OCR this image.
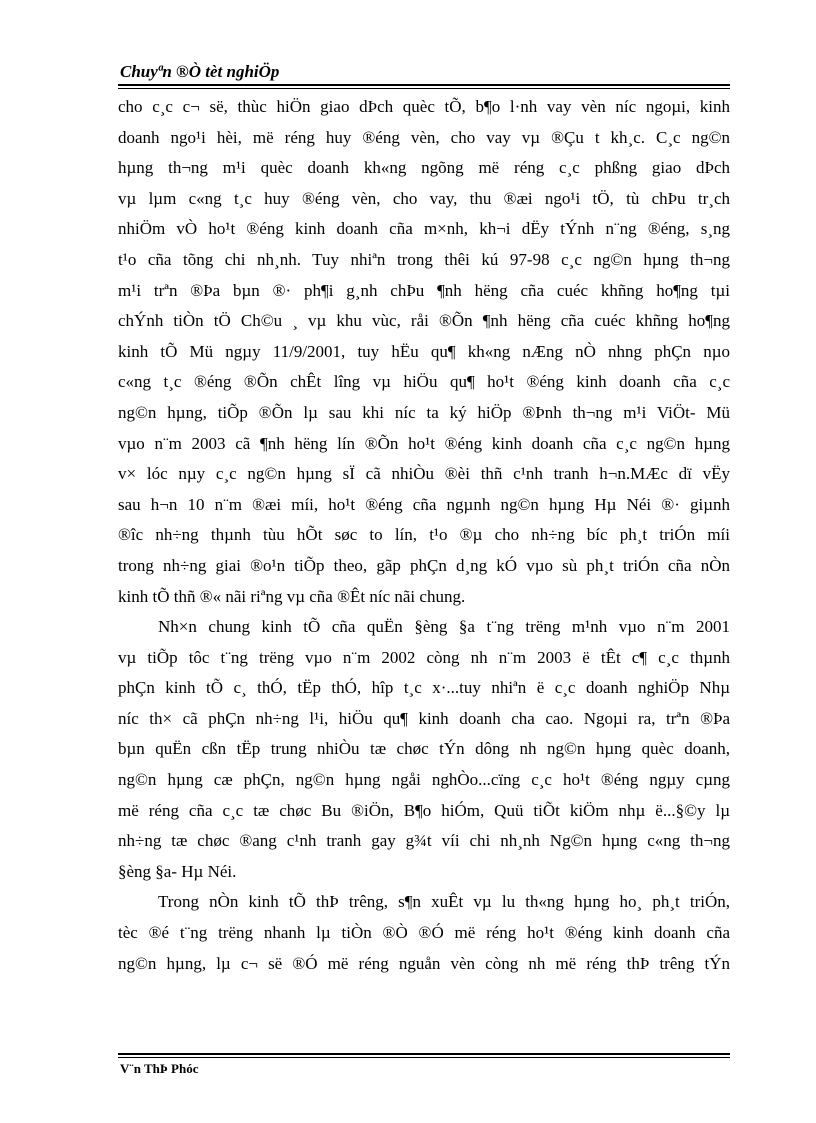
Chuyªn ®Ò tèt nghiÖp
cho c¸c c¬ së, thùc hiÖn giao dÞch quèc tÕ, b¶o l·nh vay vèn níc ngoµi, kinh
doanh ngo¹i hèi, më réng huy ®éng vèn, cho vay vµ ®Çu t kh¸c. C¸c ng©n
hµng th¬ng m¹i quèc doanh kh«ng ngõng më réng c¸c phßng giao dÞch
vµ lµm c«ng t¸c huy ®éng vèn, cho vay, thu ®æi ngo¹i tÖ, tù chÞu tr¸ch
nhiÖm vÒ ho¹t ®éng kinh doanh cña m×nh, kh¬i dËy tÝnh n¨ng ®éng, s¸ng
t¹o cña tõng chi nh¸nh. Tuy nhiªn trong thêi kú 97-98 c¸c ng©n hµng th¬ng
m¹i trªn ®Þa bµn ®· ph¶i g¸nh chÞu ¶nh hëng cña cuéc khñng ho¶ng tµi
chÝnh tiÒn tÖ Ch©u ¸ vµ khu vùc, råi ®Õn ¶nh hëng cña cuéc khñng ho¶ng
kinh tÕ Mü ngµy 11/9/2001, tuy hËu qu¶ kh«ng nÆng nÒ nhng phÇn nµo
c«ng t¸c ®éng ®Õn chÊt lîng vµ hiÖu qu¶ ho¹t ®éng kinh doanh cña c¸c
ng©n hµng, tiÕp ®Õn lµ sau khi níc ta ký hiÖp ®Þnh th¬ng m¹i ViÖt- Mü
vµo n¨m 2003 cã ¶nh hëng lín ®Õn ho¹t ®éng kinh doanh cña c¸c ng©n hµng
v× lóc nµy c¸c ng©n hµng sÏ cã nhiÒu ®èi thñ c¹nh tranh h¬n.MÆc dï vËy
sau h¬n 10 n¨m ®æi míi, ho¹t ®éng cña ngµnh ng©n hµng Hµ Néi ®· giµnh
®îc nh÷ng thµnh tùu hÕt søc to lín, t¹o ®µ cho nh÷ng bíc ph¸t triÓn míi
trong nh÷ng giai ®o¹n tiÕp theo, gãp phÇn d¸ng kÓ vµo sù ph¸t triÓn cña nÒn
kinh tÕ thñ ®« nãi riªng vµ cña ®Êt níc nãi chung.
Nh×n chung kinh tÕ cña quËn §èng §a t¨ng trëng m¹nh vµo n¨m 2001
vµ tiÕp tôc t¨ng trëng vµo n¨m 2002 còng nh n¨m 2003 ë tÊt c¶ c¸c thµnh
phÇn kinh tÕ c¸ thÓ, tËp thÓ, hîp t¸c x·...tuy nhiªn ë c¸c doanh nghiÖp Nhµ
níc th× cã phÇn nh÷ng l¹i, hiÖu qu¶ kinh doanh cha cao. Ngoµi ra, trªn ®Þa
bµn quËn cßn tËp trung nhiÒu tæ chøc tÝn dông nh ng©n hµng quèc doanh,
ng©n hµng cæ phÇn, ng©n hµng ngåi nghÒo...cïng c¸c ho¹t ®éng ngµy cµng
më réng cña c¸c tæ chøc Bu ®iÖn, B¶o hiÓm, Quü tiÕt kiÖm nhµ ë...§©y lµ
nh÷ng tæ chøc ®ang c¹nh tranh gay g¾t víi chi nh¸nh Ng©n hµng c«ng th¬ng
§èng §a- Hµ Néi.
Trong nÒn kinh tÕ thÞ trêng, s¶n xuÊt vµ lu th«ng hµng ho¸ ph¸t triÓn,
tèc ®é t¨ng trëng nhanh lµ tiÒn ®Ò ®Ó më réng ho¹t ®éng kinh doanh cña
ng©n hµng, lµ c¬ së ®Ó më réng nguån vèn còng nh më réng thÞ trêng tÝn
V¨n ThÞ Phóc
